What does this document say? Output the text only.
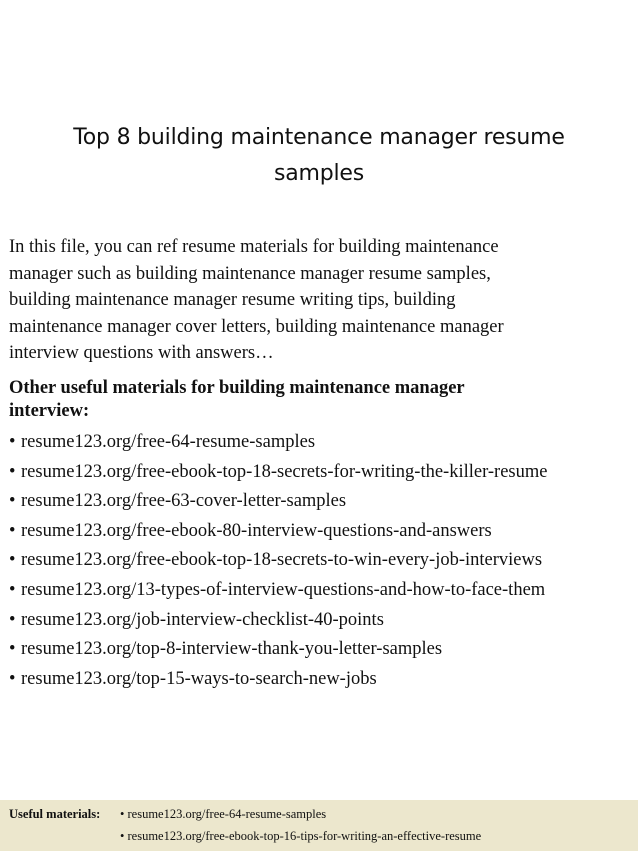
Top 8 building maintenance manager resume
samples
In this file, you can ref resume materials for building maintenance
manager such as building maintenance manager resume samples,
building maintenance manager resume writing tips, building
maintenance manager cover letters, building maintenance manager
interview questions with answers…
Other useful materials for building maintenance manager
interview:
• resume123.org/free-64-resume-samples
• resume123.org/free-ebook-top-18-secrets-for-writing-the-killer-resume
• resume123.org/free-63-cover-letter-samples
• resume123.org/free-ebook-80-interview-questions-and-answers
• resume123.org/free-ebook-top-18-secrets-to-win-every-job-interviews
• resume123.org/13-types-of-interview-questions-and-how-to-face-them
• resume123.org/job-interview-checklist-40-points
• resume123.org/top-8-interview-thank-you-letter-samples
• resume123.org/top-15-ways-to-search-new-jobs
Useful materials: • resume123.org/free-64-resume-samples
• resume123.org/free-ebook-top-16-tips-for-writing-an-effective-resume
